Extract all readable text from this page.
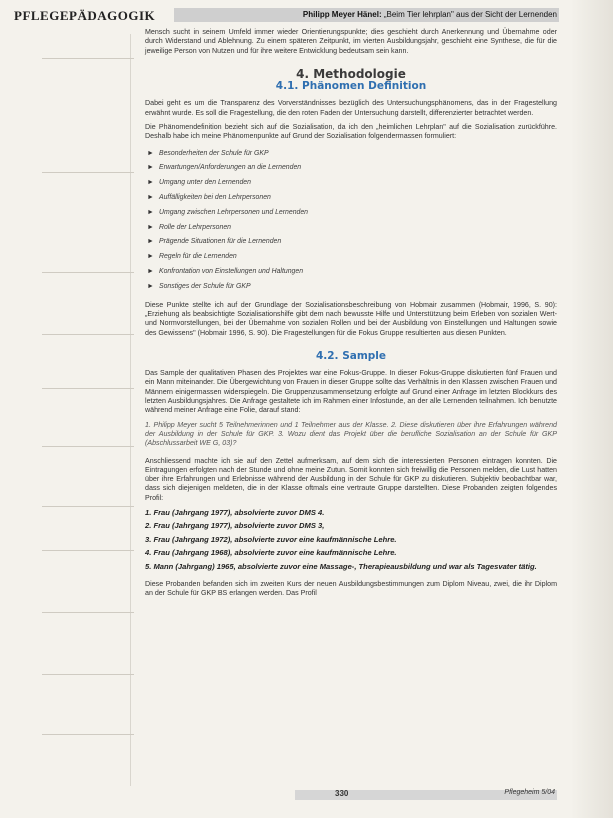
PFLEGEPÄDAGOGIK	Philipp Meyer Hänel: „Beim Tier lehrplan" aus der Sicht der Lernenden

Mensch sucht in seinem Umfeld immer wieder Orientierungspunkte; dies geschieht durch Anerkennung und Übernahme oder durch Widerstand und Ablehnung. Zu einem späteren Zeitpunkt, im vierten Ausbildungsjahr, geschieht eine Synthese, die für die jeweilige Person von Nutzen und für ihre weitere Entwicklung bedeutsam sein kann.

4. Methodologie
4.1. Phänomen Definition

Dabei geht es um die Transparenz des Vorverständnisses bezüglich des Untersuchungsphänomens, das in der Fragestellung erwähnt wurde. Es soll die Fragestellung, die den roten Faden der Untersuchung darstellt, differenzierter betrachtet werden.

Die Phänomendefinition bezieht sich auf die Sozialisation, da ich den „heimlichen Lehrplan" auf die Sozialisation zurückführe. Deshalb habe ich meine Phänomenpunkte auf Grund der Sozialisation folgendermassen formuliert:

► Besonderheiten der Schule für GKP
► Erwartungen/Anforderungen an die Lernenden
► Umgang unter den Lernenden
► Auffälligkeiten bei den Lehrpersonen
► Umgang zwischen Lehrpersonen und Lernenden
► Rolle der Lehrpersonen
► Prägende Situationen für die Lernenden
► Regeln für die Lernenden
► Konfrontation von Einstellungen und Haltungen
► Sonstiges der Schule für GKP

Diese Punkte stellte ich auf der Grundlage der Sozialisationsbeschreibung von Hobmair zusammen (Hobmair, 1996, S. 90): „Erziehung als beabsichtigte Sozialisationshilfe gibt dem nach bewusste Hilfe und Unterstützung beim Erleben von sozialen Wert- und Normvorstellungen, bei der Übernahme von sozialen Rollen und bei der Ausbildung von Einstellungen und Haltungen sowie des Gewissens" (Hobmair 1996, S. 90). Die Fragestellungen für die Fokus Gruppe resultierten aus diesen Punkten.

4.2. Sample

Das Sample der qualitativen Phasen des Projektes war eine Fokus-Gruppe. In dieser Fokus-Gruppe diskutierten fünf Frauen und ein Mann miteinander. Die Übergewichtung von Frauen in dieser Gruppe sollte das Verhältnis in den Klassen zwischen Frauen und Männern einigermassen widerspiegeln. Die Gruppenzusammensetzung erfolgte auf Grund einer Anfrage im letzten Blockkurs des letzten Ausbildungsjahres. Die Anfrage gestaltete ich im Rahmen einer Infostunde, an der alle Lernenden teilnahmen. Ich benutzte während meiner Anfrage eine Folie, darauf stand:

1. Philipp Meyer sucht 5 Teilnehmerinnen und 1 Teilnehmer aus der Klasse. 2. Diese diskutieren über ihre Erfahrungen während der Ausbildung in der Schule für GKP. 3. Wozu dient das Projekt über die berufliche Sozialisation an der Schule für GKP (Abschlussarbeit WE G, 03)?

Anschliessend machte ich sie auf den Zettel aufmerksam, auf dem sich die interessierten Personen eintragen konnten. Die Eintragungen erfolgten nach der Stunde und ohne meine Zutun. Somit konnten sich freiwillig die Personen melden, die Lust hatten über ihre Erfahrungen und Erlebnisse während der Ausbildung in der Schule für GKP zu diskutieren. Subjektiv beobachtbar war, dass sich diejenigen meldeten, die in der Klasse oftmals eine vertraute Gruppe darstellten. Diese Probanden zeigten folgendes Profil:

1. Frau (Jahrgang 1977), absolvierte zuvor DMS 4.
2. Frau (Jahrgang 1977), absolvierte zuvor DMS 3,
3. Frau (Jahrgang 1972), absolvierte zuvor eine kaufmännische Lehre.
4. Frau (Jahrgang 1968), absolvierte zuvor eine kaufmännische Lehre.
5. Mann (Jahrgang) 1965, absolvierte zuvor eine Massage-, Therapieausbildung und war als Tagesvater tätig.

Diese Probanden befanden sich im zweiten Kurs der neuen Ausbildungsbestimmungen zum Diplom Niveau, zwei, die ihr Diplom an der Schule für GKP BS erlangen werden. Das Profil

330	Pflegeheim 5/04
